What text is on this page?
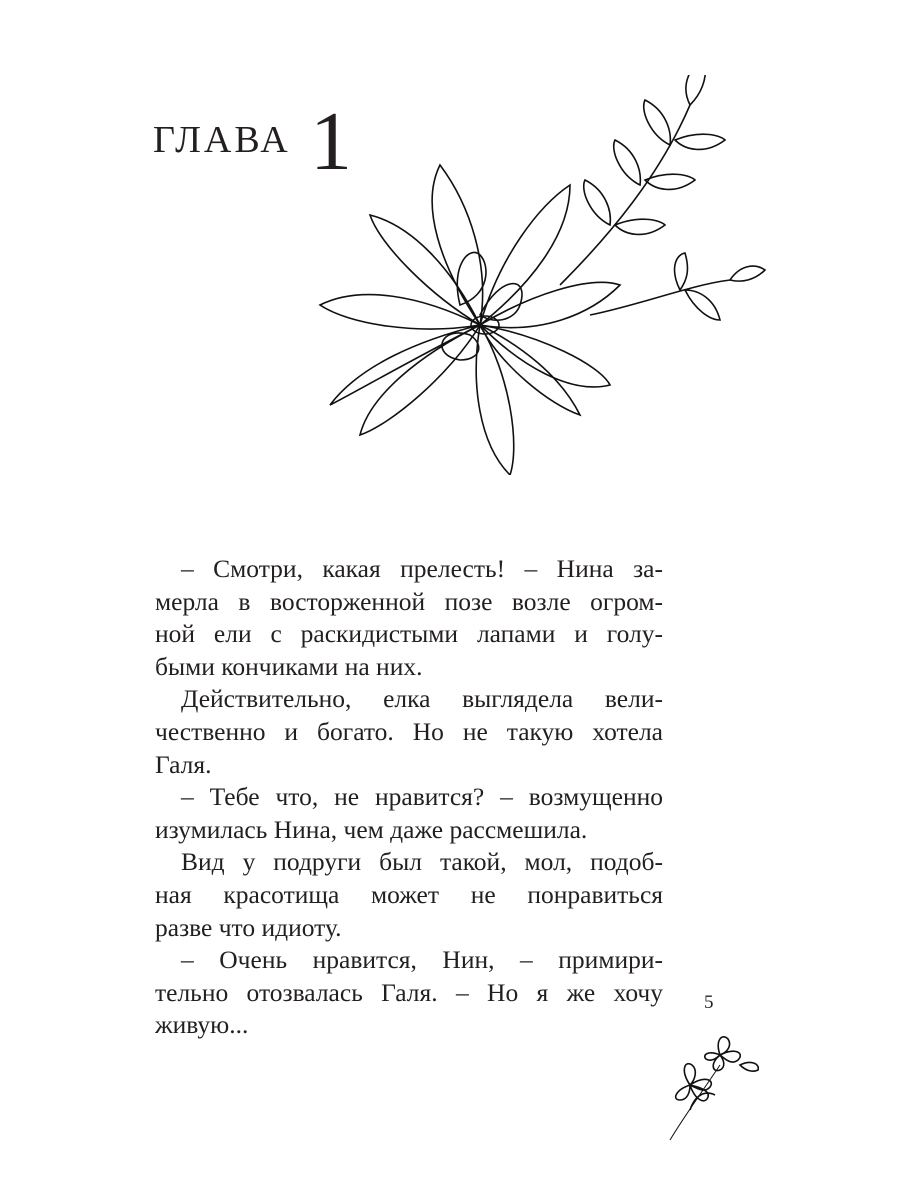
ГЛАВА 1
– Смотри, какая прелесть! – Нина за-
мерла в восторженной позе возле огром-
ной ели с раскидистыми лапами и голу-
быми кончиками на них.
Действительно, елка выглядела вели-
чественно и богато. Но не такую хотела
Галя.
– Тебе что, не нравится? – возмущенно
изумилась Нина, чем даже рассмешила.
Вид у подруги был такой, мол, подоб-
ная красотища может не понравиться
разве что идиоту.
– Очень нравится, Нин, – примири-
тельно отозвалась Галя. – Но я же хочу
живую...
5
